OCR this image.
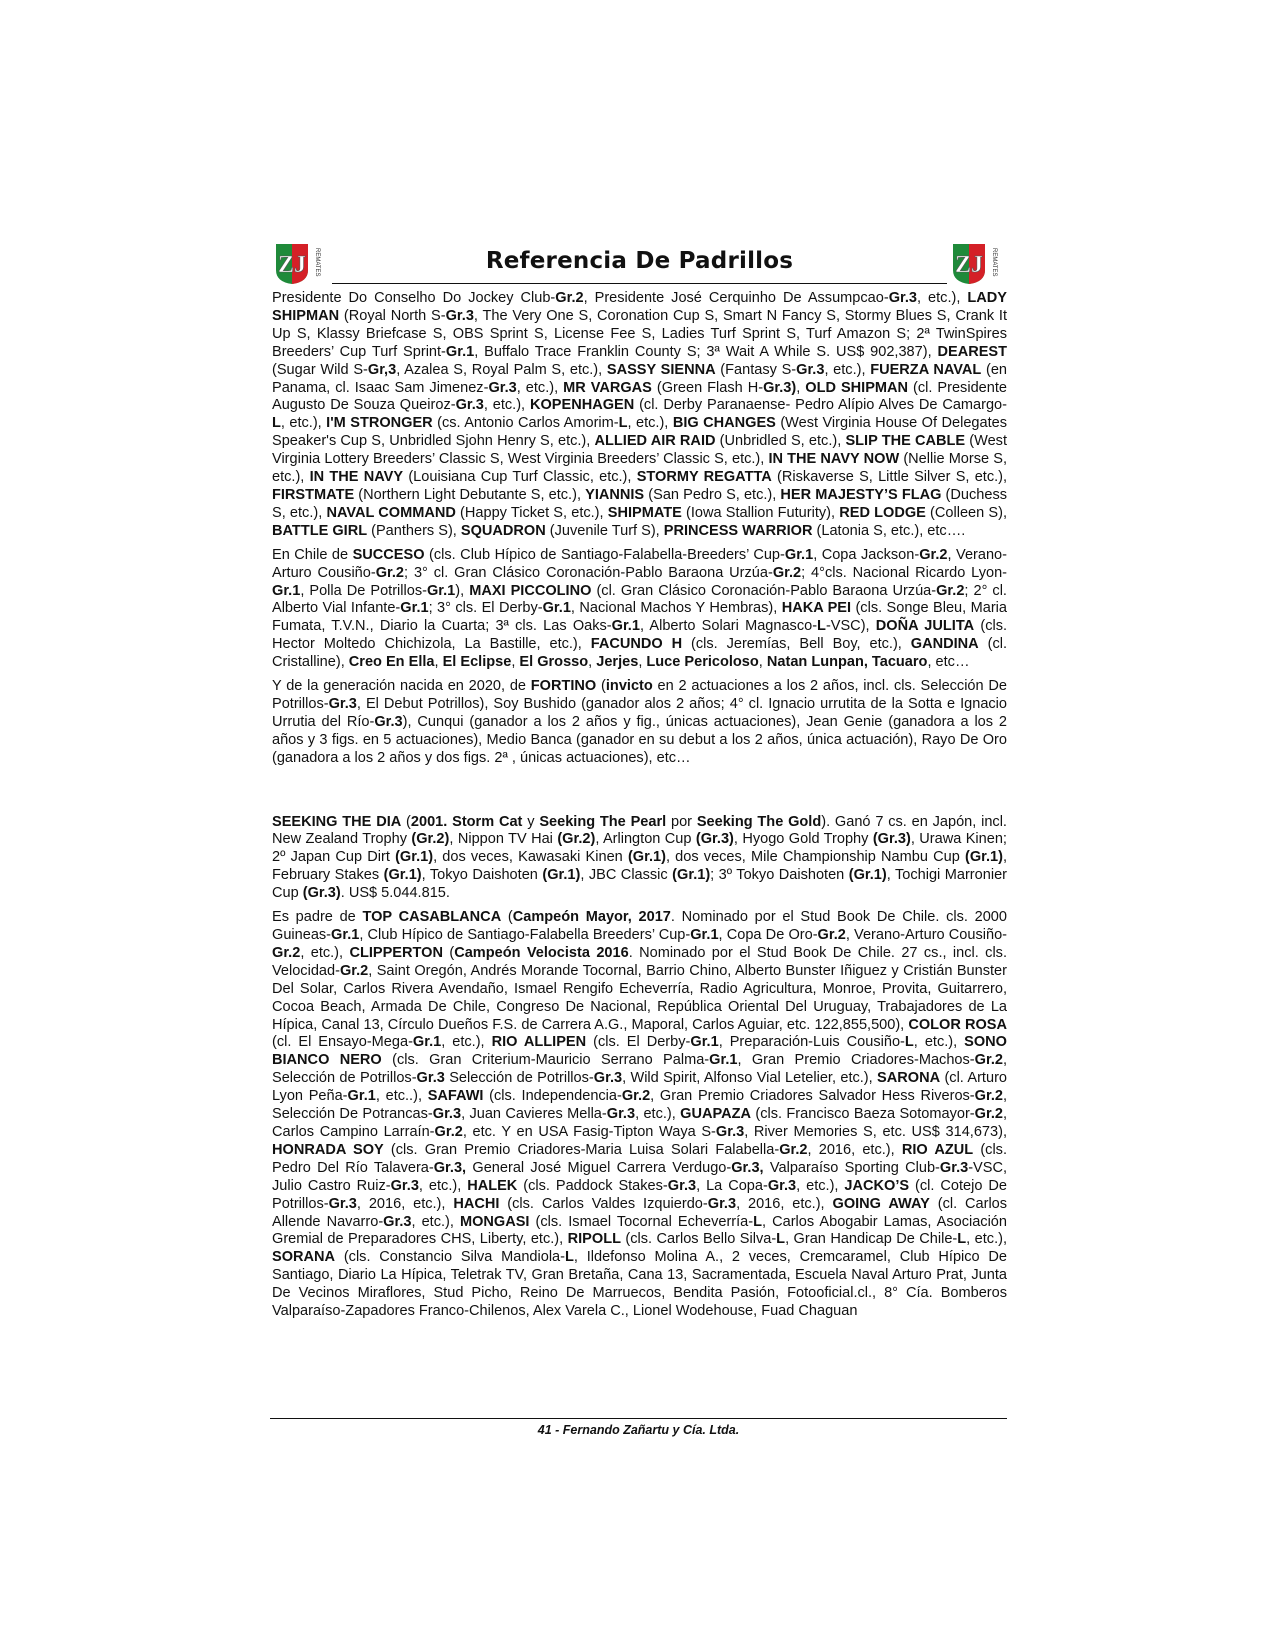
ZJ REMATES	Referencia De Padrillos	ZJ REMATES

Presidente Do Conselho Do Jockey Club-Gr.2, Presidente José Cerquinho De Assumpcao-Gr.3, etc.), LADY SHIPMAN (Royal North S-Gr.3, The Very One S, Coronation Cup S, Smart N Fancy S, Stormy Blues S, Crank It Up S, Klassy Briefcase S, OBS Sprint S, License Fee S, Ladies Turf Sprint S, Turf Amazon S; 2ª TwinSpires Breeders’ Cup Turf Sprint-Gr.1, Buffalo Trace Franklin County S; 3ª Wait A While S. US$ 902,387), DEAREST (Sugar Wild S-Gr,3, Azalea S, Royal Palm S, etc.), SASSY SIENNA (Fantasy S-Gr.3, etc.), FUERZA NAVAL (en Panama, cl. Isaac Sam Jimenez-Gr.3, etc.), MR VARGAS (Green Flash H-Gr.3), OLD SHIPMAN (cl. Presidente Augusto De Souza Queiroz-Gr.3, etc.), KOPENHAGEN (cl. Derby Paranaense- Pedro Alípio Alves De Camargo-L, etc.), I'M STRONGER (cs. Antonio Carlos Amorim-L, etc.), BIG CHANGES (West Virginia House Of Delegates Speaker's Cup S, Unbridled Sjohn Henry S, etc.), ALLIED AIR RAID (Unbridled S, etc.), SLIP THE CABLE (West Virginia Lottery Breeders’ Classic S, West Virginia Breeders’ Classic S, etc.), IN THE NAVY NOW (Nellie Morse S, etc.), IN THE NAVY (Louisiana Cup Turf Classic, etc.), STORMY REGATTA (Riskaverse S, Little Silver S, etc.), FIRSTMATE (Northern Light Debutante S, etc.), YIANNIS (San Pedro S, etc.), HER MAJESTY’S FLAG (Duchess S, etc.), NAVAL COMMAND (Happy Ticket S, etc.), SHIPMATE (Iowa Stallion Futurity), RED LODGE (Colleen S), BATTLE GIRL (Panthers S), SQUADRON (Juvenile Turf S), PRINCESS WARRIOR (Latonia S, etc.), etc….

En Chile de SUCCESO (cls. Club Hípico de Santiago-Falabella-Breeders’ Cup-Gr.1, Copa Jackson-Gr.2, Verano-Arturo Cousiño-Gr.2; 3° cl. Gran Clásico Coronación-Pablo Baraona Urzúa-Gr.2; 4°cls. Nacional Ricardo Lyon-Gr.1, Polla De Potrillos-Gr.1), MAXI PICCOLINO (cl. Gran Clásico Coronación-Pablo Baraona Urzúa-Gr.2; 2° cl. Alberto Vial Infante-Gr.1; 3° cls. El Derby-Gr.1, Nacional Machos Y Hembras), HAKA PEI (cls. Songe Bleu, Maria Fumata, T.V.N., Diario la Cuarta; 3ª cls. Las Oaks-Gr.1, Alberto Solari Magnasco-L-VSC), DOÑA JULITA (cls. Hector Moltedo Chichizola, La Bastille, etc.), FACUNDO H (cls. Jeremías, Bell Boy, etc.), GANDINA (cl. Cristalline), Creo En Ella, El Eclipse, El Grosso, Jerjes, Luce Pericoloso, Natan Lunpan, Tacuaro, etc…

Y de la generación nacida en 2020, de FORTINO (invicto en 2 actuaciones a los 2 años, incl. cls. Selección De Potrillos-Gr.3, El Debut Potrillos), Soy Bushido (ganador alos 2 años; 4° cl. Ignacio urrutita de la Sotta e Ignacio Urrutia del Río-Gr.3), Cunqui (ganador a los 2 años y fig., únicas actuaciones), Jean Genie (ganadora a los 2 años y 3 figs. en 5 actuaciones), Medio Banca (ganador en su debut a los 2 años, única actuación), Rayo De Oro (ganadora a los 2 años y dos figs. 2ª , únicas actuaciones), etc…

SEEKING THE DIA (2001. Storm Cat y Seeking The Pearl por Seeking The Gold). Ganó 7 cs. en Japón, incl. New Zealand Trophy (Gr.2), Nippon TV Hai (Gr.2), Arlington Cup (Gr.3), Hyogo Gold Trophy (Gr.3), Urawa Kinen; 2º Japan Cup Dirt (Gr.1), dos veces, Kawasaki Kinen (Gr.1), dos veces, Mile Championship Nambu Cup (Gr.1), February Stakes (Gr.1), Tokyo Daishoten (Gr.1), JBC Classic (Gr.1); 3º Tokyo Daishoten (Gr.1), Tochigi Marronier Cup (Gr.3). US$ 5.044.815.

Es padre de TOP CASABLANCA (Campeón Mayor, 2017. Nominado por el Stud Book De Chile. cls. 2000 Guineas-Gr.1, Club Hípico de Santiago-Falabella Breeders’ Cup-Gr.1, Copa De Oro-Gr.2, Verano-Arturo Cousiño-Gr.2, etc.), CLIPPERTON (Campeón Velocista 2016. Nominado por el Stud Book De Chile. 27 cs., incl. cls. Velocidad-Gr.2, Saint Oregón, Andrés Morande Tocornal, Barrio Chino, Alberto Bunster Iñiguez y Cristián Bunster Del Solar, Carlos Rivera Avendaño, Ismael Rengifo Echeverría, Radio Agricultura, Monroe, Provita, Guitarrero, Cocoa Beach, Armada De Chile, Congreso De Nacional, República Oriental Del Uruguay, Trabajadores de La Hípica, Canal 13, Círculo Dueños F.S. de Carrera A.G., Maporal, Carlos Aguiar, etc. 122,855,500), COLOR ROSA (cl. El Ensayo-Mega-Gr.1, etc.), RIO ALLIPEN (cls. El Derby-Gr.1, Preparación-Luis Cousiño-L, etc.), SONO BIANCO NERO (cls. Gran Criterium-Mauricio Serrano Palma-Gr.1, Gran Premio Criadores-Machos-Gr.2, Selección de Potrillos-Gr.3 Selección de Potrillos-Gr.3, Wild Spirit, Alfonso Vial Letelier, etc.), SARONA (cl. Arturo Lyon Peña-Gr.1, etc..), SAFAWI (cls. Independencia-Gr.2, Gran Premio Criadores Salvador Hess Riveros-Gr.2, Selección De Potrancas-Gr.3, Juan Cavieres Mella-Gr.3, etc.), GUAPAZA (cls. Francisco Baeza Sotomayor-Gr.2, Carlos Campino Larraín-Gr.2, etc. Y en USA Fasig-Tipton Waya S-Gr.3, River Memories S, etc. US$ 314,673), HONRADA SOY (cls. Gran Premio Criadores-Maria Luisa Solari Falabella-Gr.2, 2016, etc.), RIO AZUL (cls. Pedro Del Río Talavera-Gr.3, General José Miguel Carrera Verdugo-Gr.3, Valparaíso Sporting Club-Gr.3-VSC, Julio Castro Ruiz-Gr.3, etc.), HALEK (cls. Paddock Stakes-Gr.3, La Copa-Gr.3, etc.), JACKO’S (cl. Cotejo De Potrillos-Gr.3, 2016, etc.), HACHI (cls. Carlos Valdes Izquierdo-Gr.3, 2016, etc.), GOING AWAY (cl. Carlos Allende Navarro-Gr.3, etc.), MONGASI (cls. Ismael Tocornal Echeverría-L, Carlos Abogabir Lamas, Asociación Gremial de Preparadores CHS, Liberty, etc.), RIPOLL (cls. Carlos Bello Silva-L, Gran Handicap De Chile-L, etc.), SORANA (cls. Constancio Silva Mandiola-L, Ildefonso Molina A., 2 veces, Cremcaramel, Club Hípico De Santiago, Diario La Hípica, Teletrak TV, Gran Bretaña, Cana 13, Sacramentada, Escuela Naval Arturo Prat, Junta De Vecinos Miraflores, Stud Picho, Reino De Marruecos, Bendita Pasión, Fotooficial.cl., 8° Cía. Bomberos Valparaíso-Zapadores Franco-Chilenos, Alex Varela C., Lionel Wodehouse, Fuad Chaguan

41 - Fernando Zañartu y Cía. Ltda.
